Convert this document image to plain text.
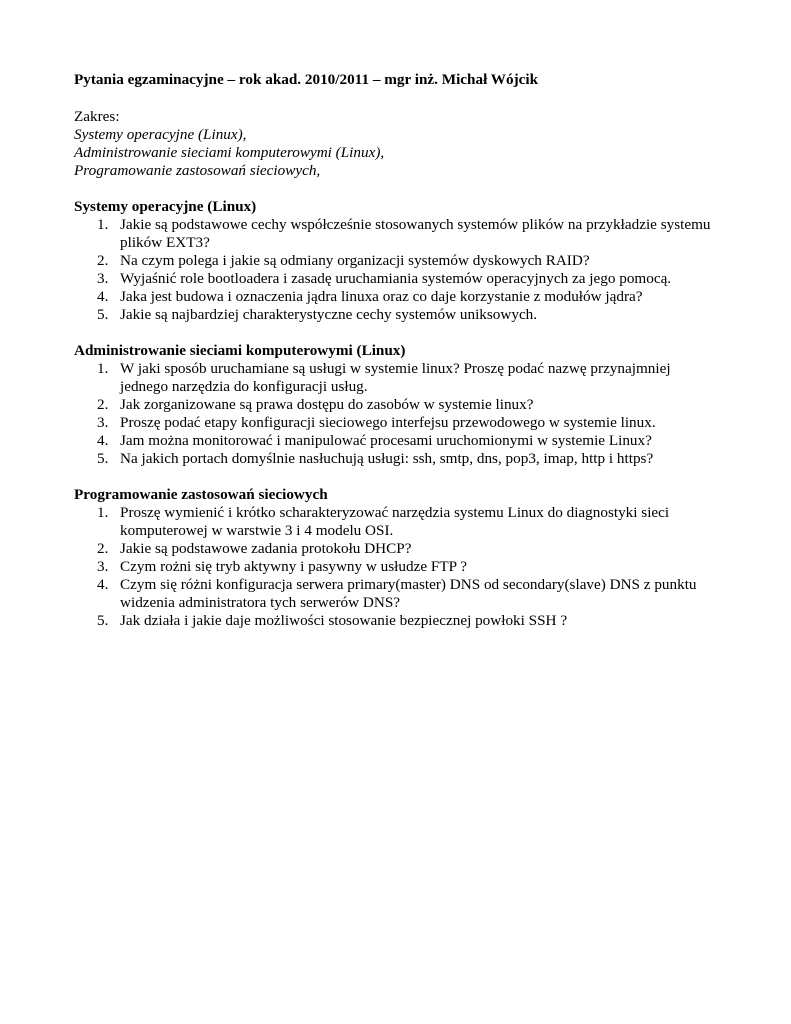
Pytania egzaminacyjne – rok akad. 2010/2011 – mgr inż. Michał Wójcik

Zakres:

Systemy operacyjne (Linux),

Administrowanie sieciami komputerowymi (Linux),

Programowanie zastosowań sieciowych,

Systemy operacyjne (Linux)

1. Jakie są podstawowe cechy współcześnie stosowanych systemów plików na przykładzie systemu plików EXT3?
2. Na czym polega i jakie są odmiany organizacji systemów dyskowych RAID?
3. Wyjaśnić role bootloadera i zasadę uruchamiania systemów operacyjnych za jego pomocą.
4. Jaka jest budowa i oznaczenia jądra linuxa oraz co daje korzystanie z modułów jądra?
5. Jakie są najbardziej charakterystyczne cechy systemów uniksowych.

Administrowanie sieciami komputerowymi (Linux)

1. W jaki sposób uruchamiane są usługi w systemie linux? Proszę podać nazwę przynajmniej jednego narzędzia do konfiguracji usług.
2. Jak zorganizowane są prawa dostępu do zasobów w systemie linux?
3. Proszę podać etapy konfiguracji sieciowego interfejsu przewodowego w systemie linux.
4. Jam można monitorować i manipulować procesami uruchomionymi w systemie Linux?
5. Na jakich portach domyślnie nasłuchują usługi: ssh, smtp, dns, pop3, imap, http i https?

Programowanie zastosowań sieciowych

1. Proszę wymienić i krótko scharakteryzować narzędzia systemu Linux do diagnostyki sieci komputerowej w warstwie 3 i 4 modelu OSI.
2. Jakie są podstawowe zadania protokołu DHCP?
3. Czym rożni się tryb aktywny i pasywny w usłudze FTP ?
4. Czym się różni konfiguracja serwera primary(master) DNS od secondary(slave) DNS z punktu widzenia administratora tych serwerów DNS?
5. Jak działa i jakie daje możliwości stosowanie bezpiecznej powłoki SSH ?
